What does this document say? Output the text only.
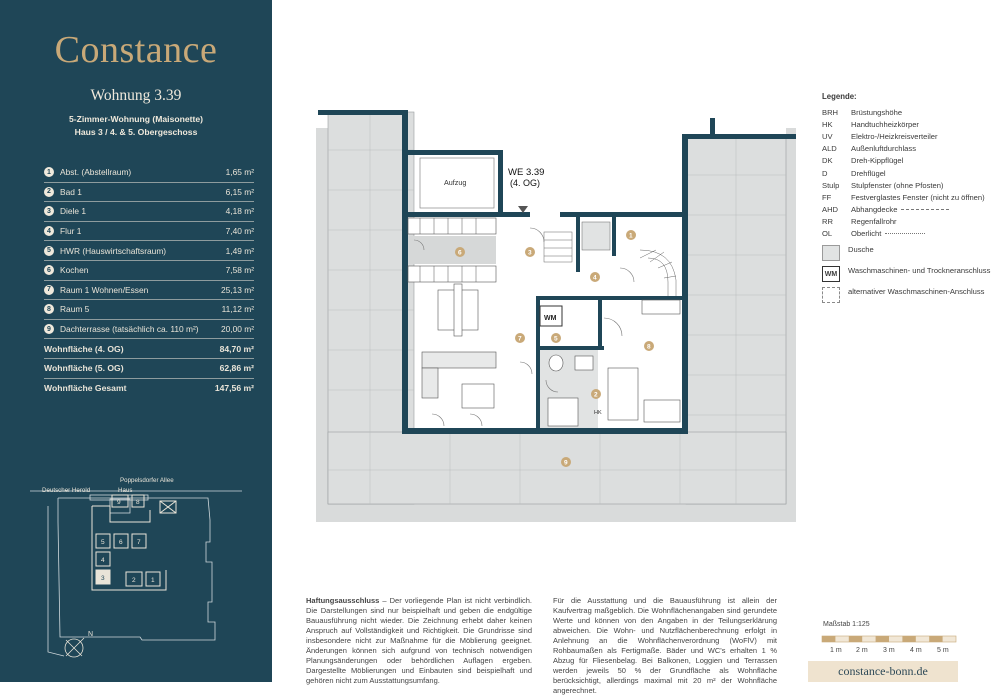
Constance
Wohnung 3.39
5-Zimmer-Wohnung (Maisonette)
Haus 3 / 4. & 5. Obergeschoss
1	Abst. (Abstellraum)	1,65 m²
2	Bad 1	6,15 m²
3	Diele 1	4,18 m²
4	Flur 1	7,40 m²
5	HWR (Hauswirtschaftsraum)	1,49 m²
6	Kochen	7,58 m²
7	Raum 1 Wohnen/Essen	25,13 m²
8	Raum 5	11,12 m²
9	Dachterrasse (tatsächlich ca. 110 m²)	20,00 m²
Wohnfläche (4. OG)	84,70 m²
Wohnfläche (5. OG)	62,86 m²
Wohnfläche Gesamt	147,56 m²
Poppelsdorfer Allee
Deutscher Herold	Haus
9 8
5 6 7
4
3	2 1
N
Aufzug
HK
WM
WE 3.39
(4. OG)
1
2
3
4
5
6
7
8
9
1 m 2 m 3 m 4 m 5 m
Legende:
BRH	Brüstungshöhe
HK	Handtuchheizkörper
UV	Elektro-/Heizkreisverteiler
ALD	Außenluftdurchlass
DK	Dreh-Kippflügel
D	Drehflügel
Stulp	Stulpfenster (ohne Pfosten)
FF	Festverglastes Fenster (nicht zu öffnen)
AHD	Abhangdecke
RR	Regenfallrohr
OL	Oberlicht
Dusche
WM	Waschmaschinen- und Trockneranschluss
alternativer Waschmaschinen-Anschluss
Haftungsausschluss – Der vorliegende Plan ist nicht verbindlich. Die Darstellungen sind nur beispielhaft und geben die endgültige Bauausführung nicht wieder. Die Zeichnung erhebt daher keinen Anspruch auf Vollständigkeit und Richtigkeit. Die Grundrisse sind insbesondere nicht zur Maßnahme für die Möblierung geeignet. Änderungen können sich aufgrund von technisch notwendigen Planungsänderungen oder behördlichen Auflagen ergeben. Dargestellte Möblierungen und Einbauten sind beispielhaft und gehören nicht zum Ausstattungsumfang.
Für die Ausstattung und die Bauausführung ist allein der Kaufvertrag maßgeblich. Die Wohnflächenangaben sind gerundete Werte und können von den Angaben in der Teilungserklärung abweichen. Die Wohn- und Nutzflächenberechnung erfolgt in Anlehnung an die Wohnflächenverordnung (WoFlV) mit Rohbaumaßen als Fertigmaße. Bäder und WC's erhalten 1 % Abzug für Fliesenbelag. Bei Balkonen, Loggien und Terrassen werden jeweils 50 % der Grundfläche als Wohnfläche berücksichtigt, allerdings maximal mit 20 m² der Wohnfläche angerechnet.
Maßstab 1:125
constance-bonn.de
